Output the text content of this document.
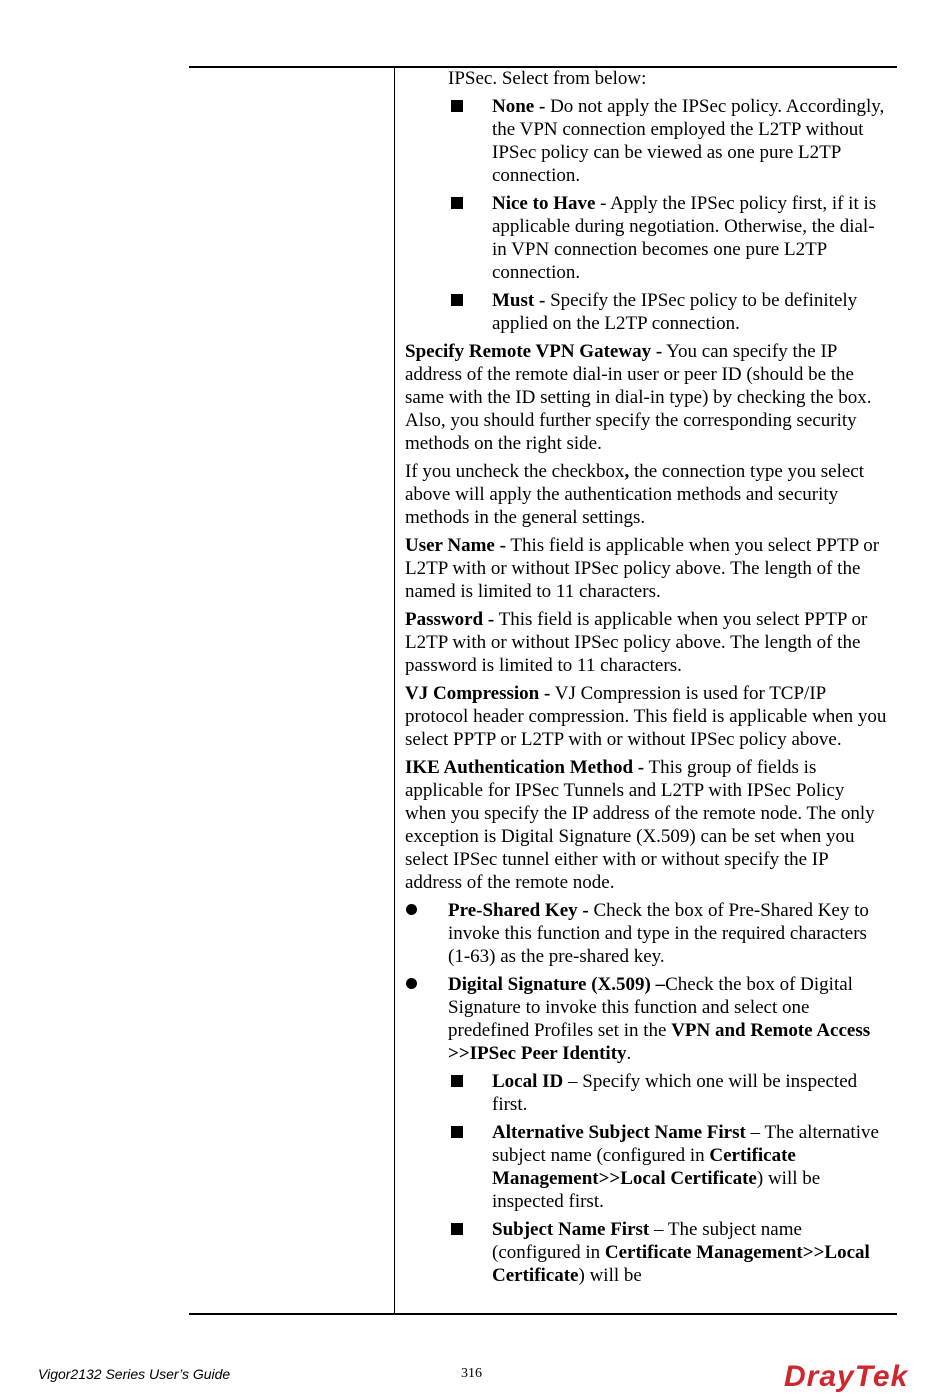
IPSec. Select from below:

None - Do not apply the IPSec policy. Accordingly, the VPN connection employed the L2TP without IPSec policy can be viewed as one pure L2TP connection.
Nice to Have - Apply the IPSec policy first, if it is applicable during negotiation. Otherwise, the dial-in VPN connection becomes one pure L2TP connection.
Must - Specify the IPSec policy to be definitely applied on the L2TP connection.

Specify Remote VPN Gateway - You can specify the IP address of the remote dial-in user or peer ID (should be the same with the ID setting in dial-in type) by checking the box. Also, you should further specify the corresponding security methods on the right side.

If you uncheck the checkbox, the connection type you select above will apply the authentication methods and security methods in the general settings.

User Name - This field is applicable when you select PPTP or L2TP with or without IPSec policy above. The length of the named is limited to 11 characters.

Password - This field is applicable when you select PPTP or L2TP with or without IPSec policy above. The length of the password is limited to 11 characters.

VJ Compression - VJ Compression is used for TCP/IP protocol header compression. This field is applicable when you select PPTP or L2TP with or without IPSec policy above.

IKE Authentication Method - This group of fields is applicable for IPSec Tunnels and L2TP with IPSec Policy when you specify the IP address of the remote node. The only exception is Digital Signature (X.509) can be set when you select IPSec tunnel either with or without specify the IP address of the remote node.

Pre-Shared Key - Check the box of Pre-Shared Key to invoke this function and type in the required characters (1-63) as the pre-shared key.
Digital Signature (X.509) –Check the box of Digital Signature to invoke this function and select one predefined Profiles set in the VPN and Remote Access >>IPSec Peer Identity.
Local ID – Specify which one will be inspected first.
Alternative Subject Name First – The alternative subject name (configured in Certificate Management>>Local Certificate) will be inspected first.
Subject Name First – The subject name (configured in Certificate Management>>Local Certificate) will be
Vigor2132 Series User’s Guide	316	DrayTek
